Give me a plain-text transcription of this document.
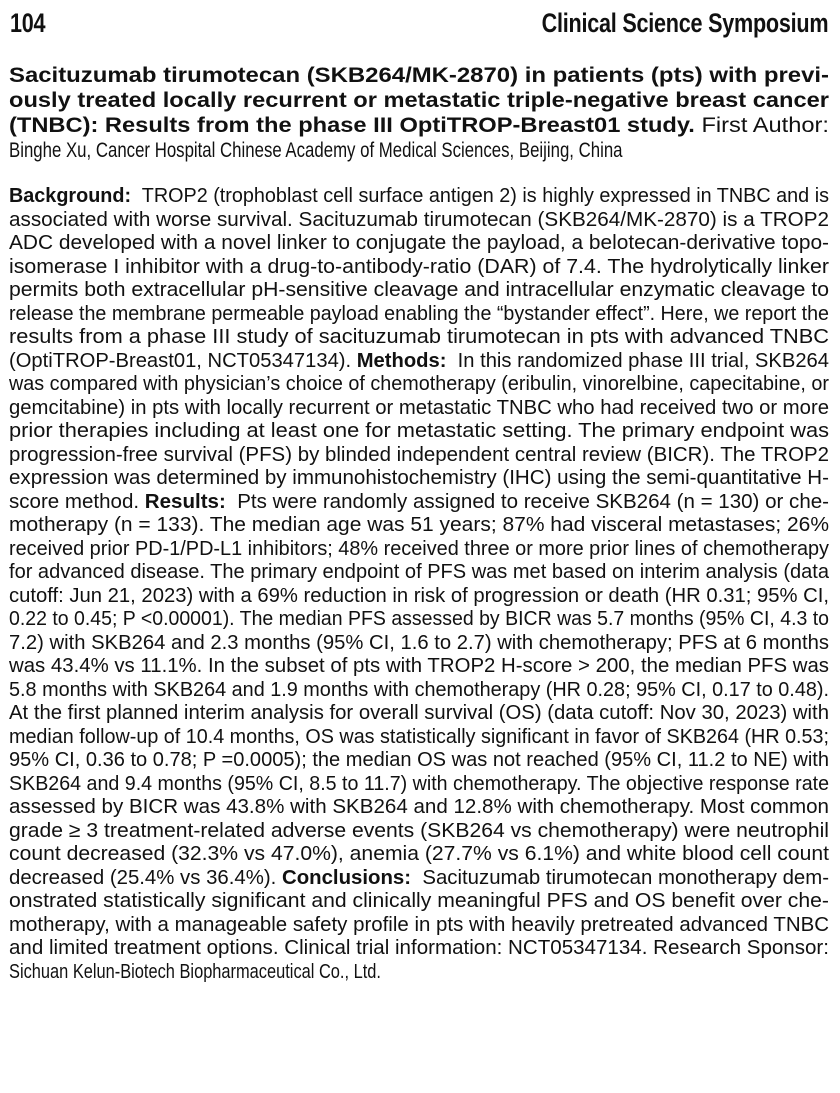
104	Clinical Science Symposium
Sacituzumab tirumotecan (SKB264/MK-2870) in patients (pts) with previ-
ously treated locally recurrent or metastatic triple-negative breast cancer
(TNBC): Results from the phase III OptiTROP-Breast01 study. First Author:
Binghe Xu, Cancer Hospital Chinese Academy of Medical Sciences, Beijing, China
Background:  TROP2 (trophoblast cell surface antigen 2) is highly expressed in TNBC and is
associated with worse survival. Sacituzumab tirumotecan (SKB264/MK-2870) is a TROP2
ADC developed with a novel linker to conjugate the payload, a belotecan-derivative topo-
isomerase I inhibitor with a drug-to-antibody-ratio (DAR) of 7.4. The hydrolytically linker
permits both extracellular pH-sensitive cleavage and intracellular enzymatic cleavage to
release the membrane permeable payload enabling the “bystander effect”. Here, we report the
results from a phase III study of sacituzumab tirumotecan in pts with advanced TNBC
(OptiTROP-Breast01, NCT05347134). Methods:  In this randomized phase III trial, SKB264
was compared with physician’s choice of chemotherapy (eribulin, vinorelbine, capecitabine, or
gemcitabine) in pts with locally recurrent or metastatic TNBC who had received two or more
prior therapies including at least one for metastatic setting. The primary endpoint was
progression-free survival (PFS) by blinded independent central review (BICR). The TROP2
expression was determined by immunohistochemistry (IHC) using the semi-quantitative H-
score method. Results:  Pts were randomly assigned to receive SKB264 (n = 130) or che-
motherapy (n = 133). The median age was 51 years; 87% had visceral metastases; 26%
received prior PD-1/PD-L1 inhibitors; 48% received three or more prior lines of chemotherapy
for advanced disease. The primary endpoint of PFS was met based on interim analysis (data
cutoff: Jun 21, 2023) with a 69% reduction in risk of progression or death (HR 0.31; 95% CI,
0.22 to 0.45; P <0.00001). The median PFS assessed by BICR was 5.7 months (95% CI, 4.3 to
7.2) with SKB264 and 2.3 months (95% CI, 1.6 to 2.7) with chemotherapy; PFS at 6 months
was 43.4% vs 11.1%. In the subset of pts with TROP2 H-score > 200, the median PFS was
5.8 months with SKB264 and 1.9 months with chemotherapy (HR 0.28; 95% CI, 0.17 to 0.48).
At the first planned interim analysis for overall survival (OS) (data cutoff: Nov 30, 2023) with
median follow-up of 10.4 months, OS was statistically significant in favor of SKB264 (HR 0.53;
95% CI, 0.36 to 0.78; P =0.0005); the median OS was not reached (95% CI, 11.2 to NE) with
SKB264 and 9.4 months (95% CI, 8.5 to 11.7) with chemotherapy. The objective response rate
assessed by BICR was 43.8% with SKB264 and 12.8% with chemotherapy. Most common
grade ≥ 3 treatment-related adverse events (SKB264 vs chemotherapy) were neutrophil
count decreased (32.3% vs 47.0%), anemia (27.7% vs 6.1%) and white blood cell count
decreased (25.4% vs 36.4%). Conclusions:  Sacituzumab tirumotecan monotherapy dem-
onstrated statistically significant and clinically meaningful PFS and OS benefit over che-
motherapy, with a manageable safety profile in pts with heavily pretreated advanced TNBC
and limited treatment options. Clinical trial information: NCT05347134. Research Sponsor:
Sichuan Kelun-Biotech Biopharmaceutical Co., Ltd.
